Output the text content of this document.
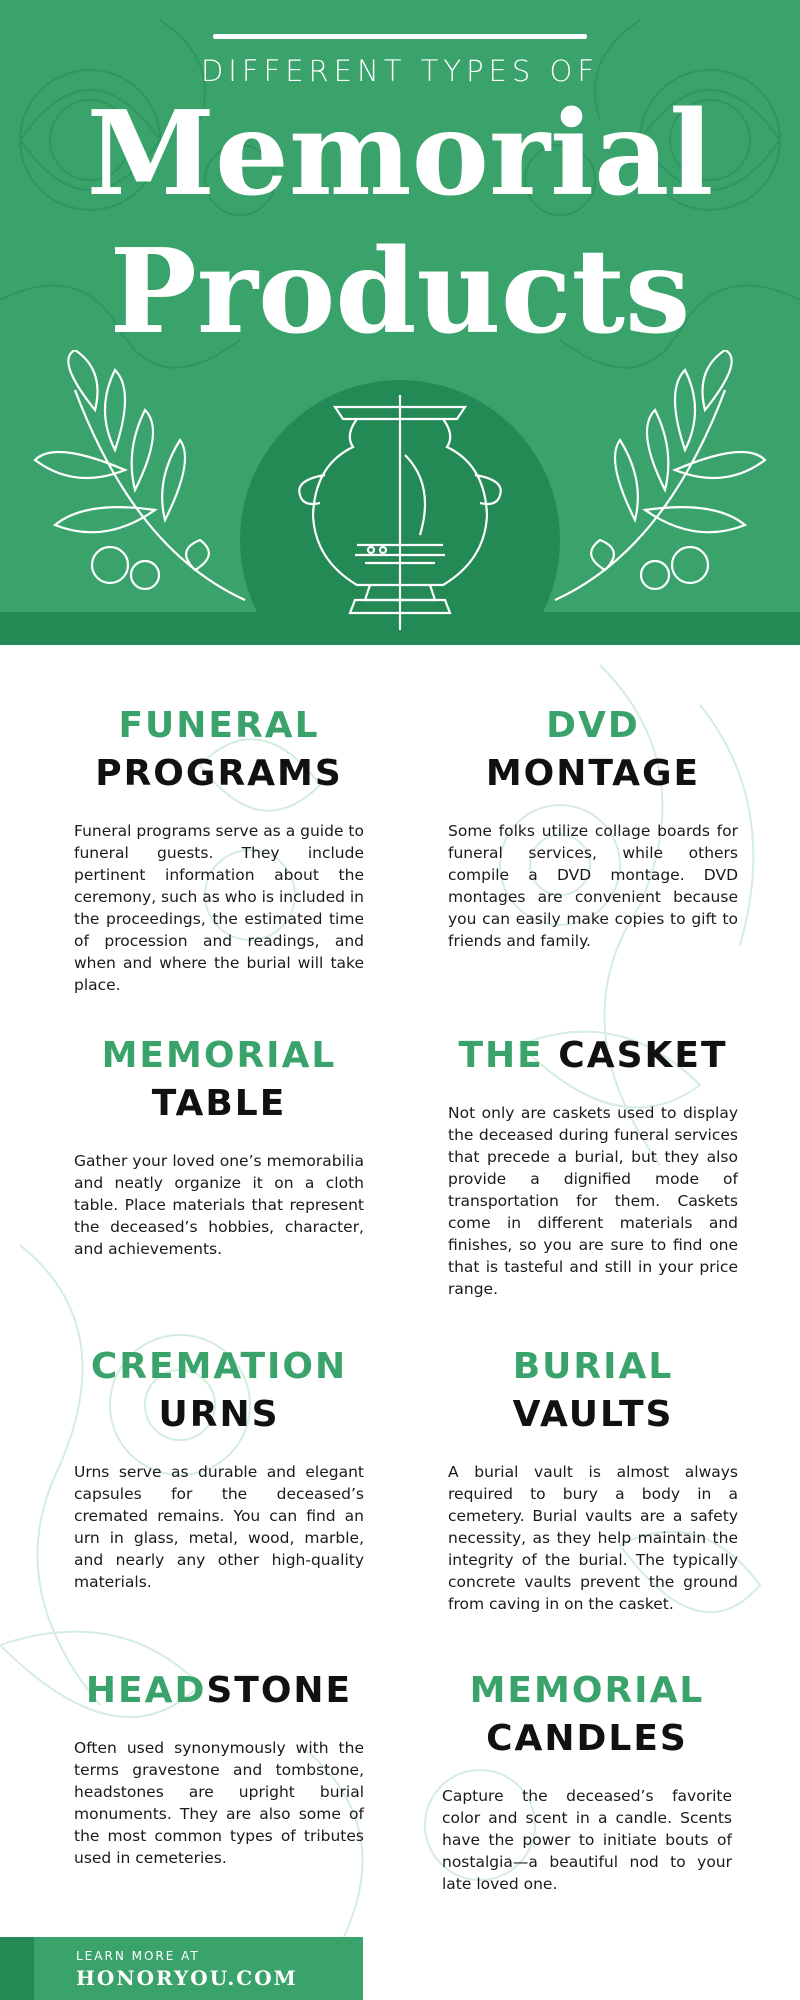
DIFFERENT TYPES OF
Memorial
Products
FUNERAL
PROGRAMS

Funeral programs serve as a guide to funeral guests. They include pertinent information about the ceremony, such as who is included in the proceedings, the estimated time of procession and readings, and when and where the burial will take place.

DVD
MONTAGE

Some folks utilize collage boards for funeral services, while others compile a DVD montage. DVD montages are convenient because you can easily make copies to gift to friends and family.

MEMORIAL
TABLE

Gather your loved one’s memorabilia and neatly organize it on a cloth table. Place materials that represent the deceased’s hobbies, character, and achievements.

THE CASKET

Not only are caskets used to display the deceased during funeral services that precede a burial, but they also provide a dignified mode of transportation for them. Caskets come in different materials and finishes, so you are sure to find one that is tasteful and still in your price range.

CREMATION
URNS

Urns serve as durable and elegant capsules for the deceased’s cremated remains. You can find an urn in glass, metal, wood, marble, and nearly any other high-quality materials.

BURIAL
VAULTS

A burial vault is almost always required to bury a body in a cemetery. Burial vaults are a safety necessity, as they help maintain the integrity of the burial. The typically concrete vaults prevent the ground from caving in on the casket.

HEADSTONE

Often used synonymously with the terms gravestone and tombstone, headstones are upright burial monuments. They are also some of the most common types of tributes used in cemeteries.

MEMORIAL
CANDLES

Capture the deceased’s favorite color and scent in a candle. Scents have the power to initiate bouts of nostalgia—a beautiful nod to your late loved one.

LEARN MORE AT
HONORYOU.COM
